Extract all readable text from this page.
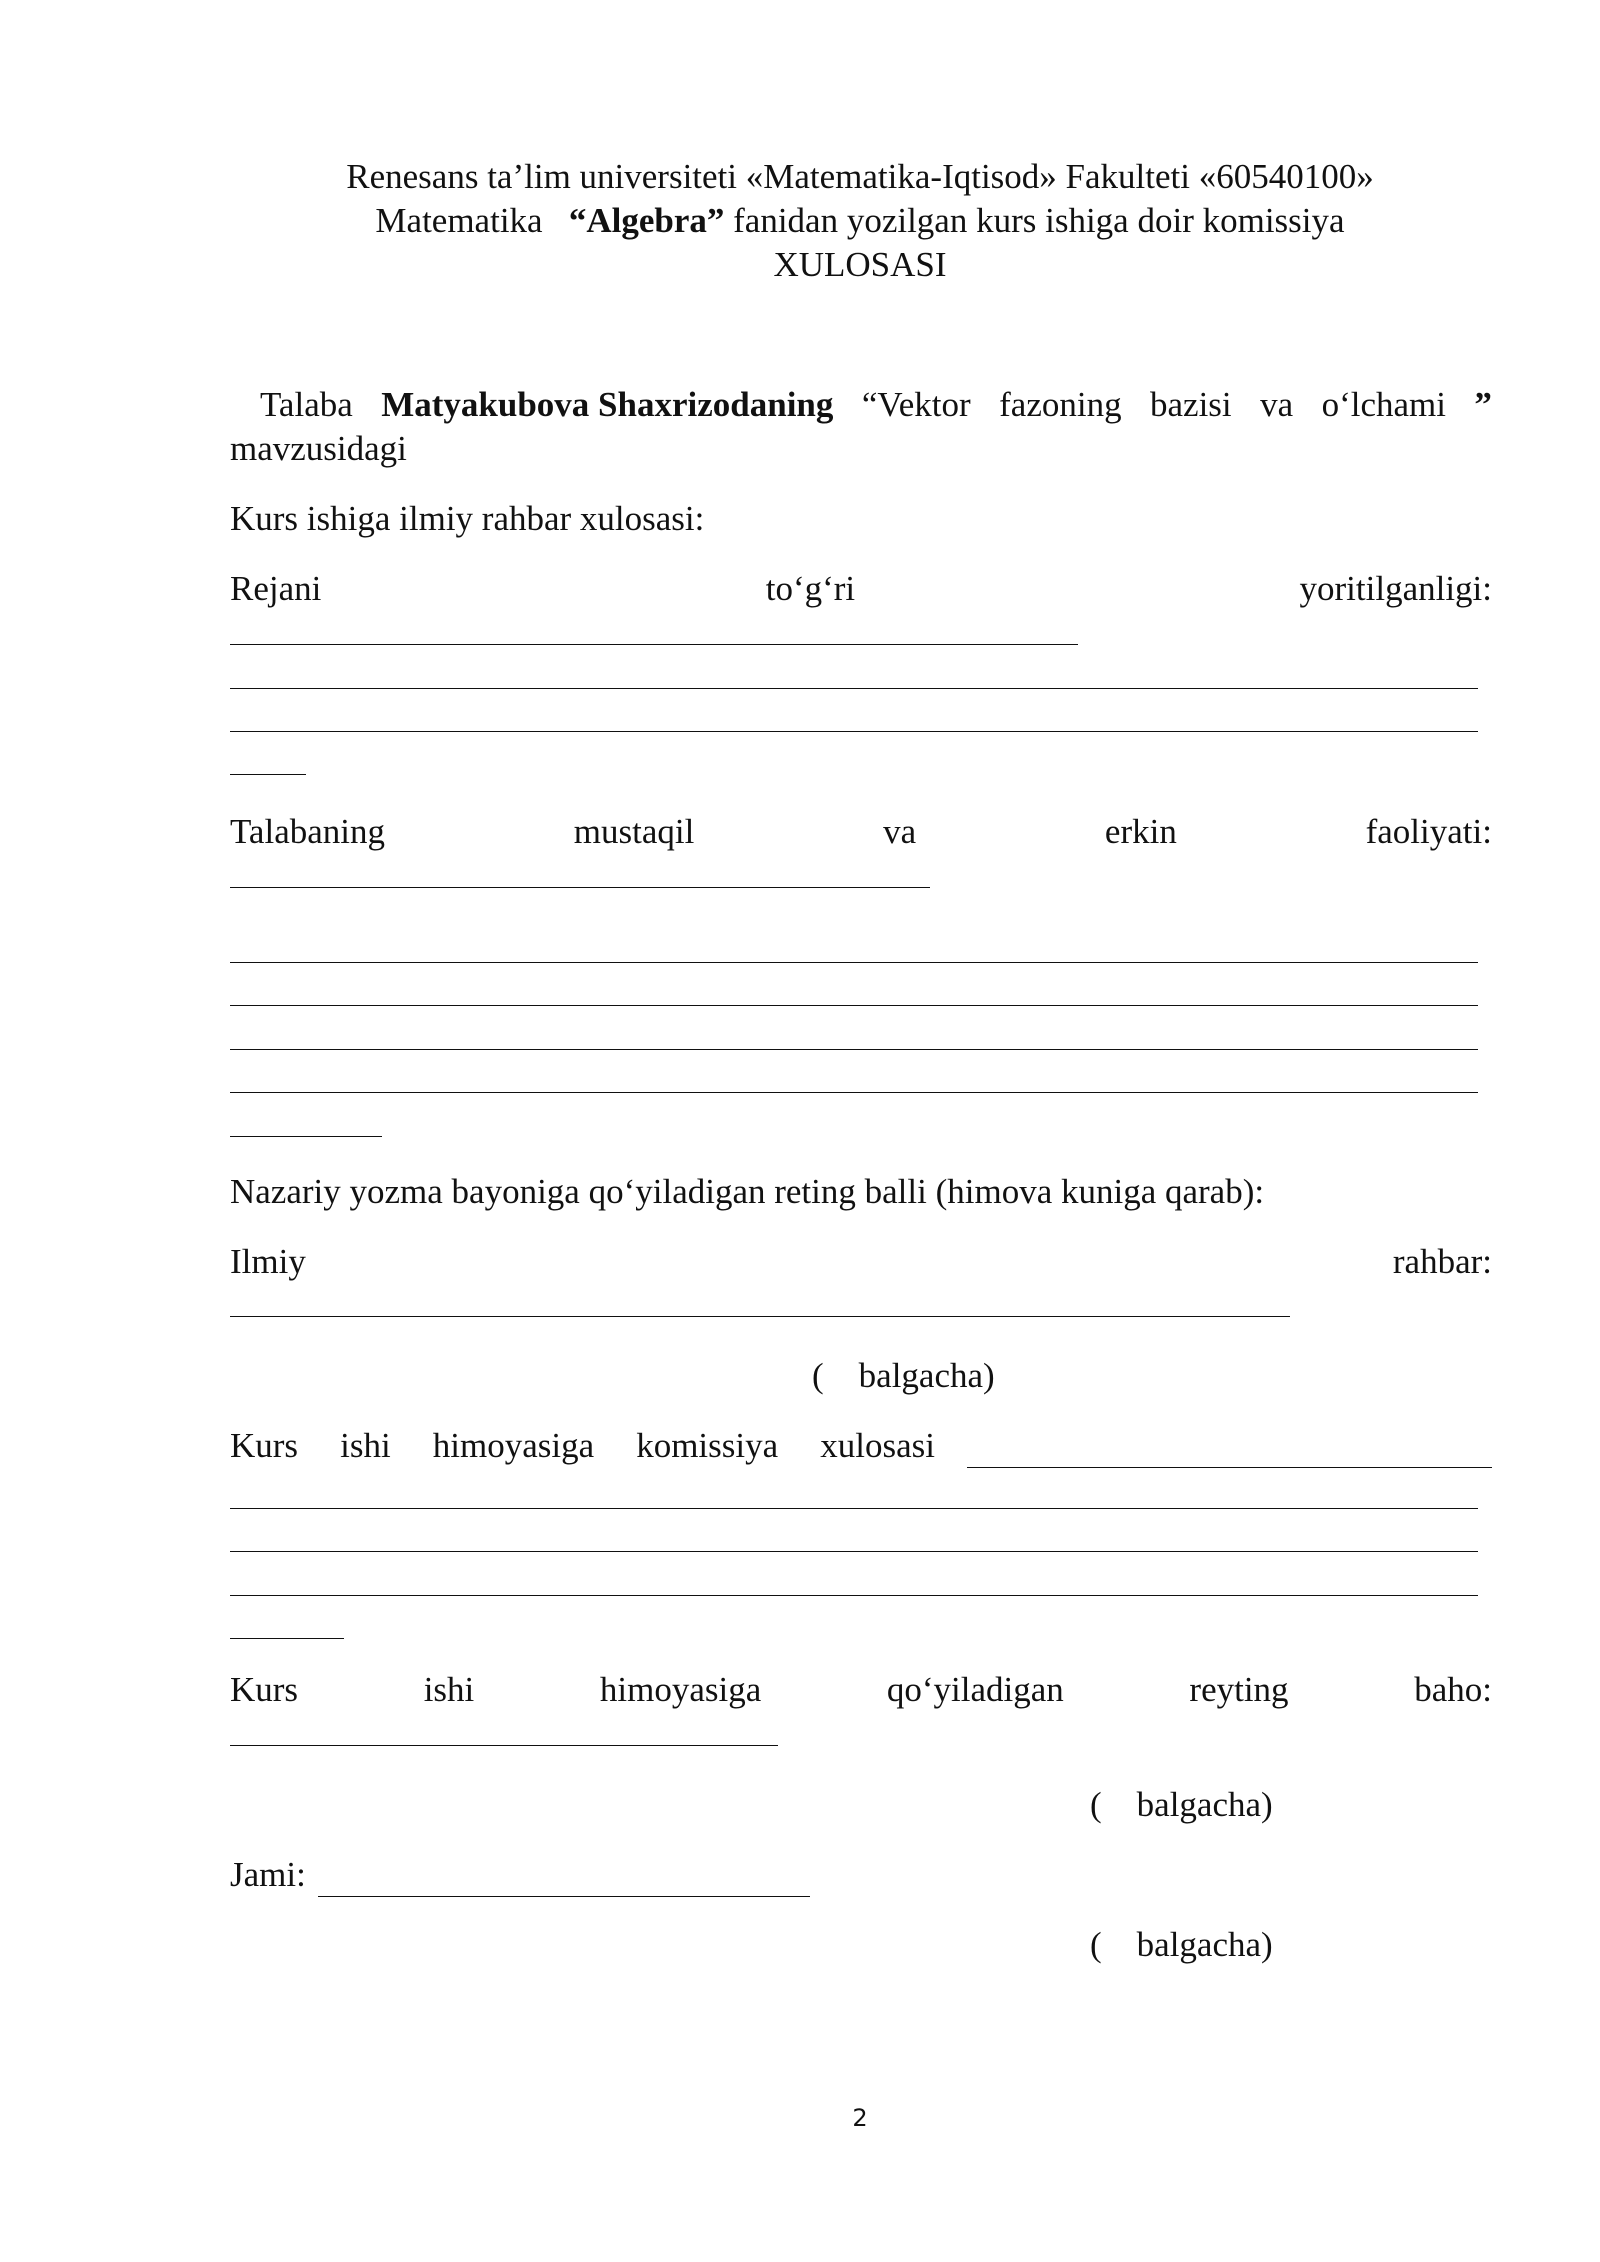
Renesans ta’lim universiteti «Matematika-Iqtisod» Fakulteti «60540100»
Matematika “Algebra” fanidan yozilgan kurs ishiga doir komissiya
XULOSASI
Talaba Matyakubova Shaxrizodaning “Vektor fazoning bazisi va o‘lchami ”
mavzusidagi
Kurs ishiga ilmiy rahbar xulosasi:
Rejani	to‘g‘ri	yoritilganligi:
Talabaning	mustaqil	va	erkin	faoliyati:
Nazariy yozma bayoniga qo‘yiladigan reting balli (himova kuniga qarab):
Ilmiy	rahbar:
(    balgacha)
Kurs ishi himoyasiga komissiya xulosasi
Kurs	ishi	himoyasiga	qo‘yiladigan	reyting	baho:
(    balgacha)
Jami:
(    balgacha)
2
